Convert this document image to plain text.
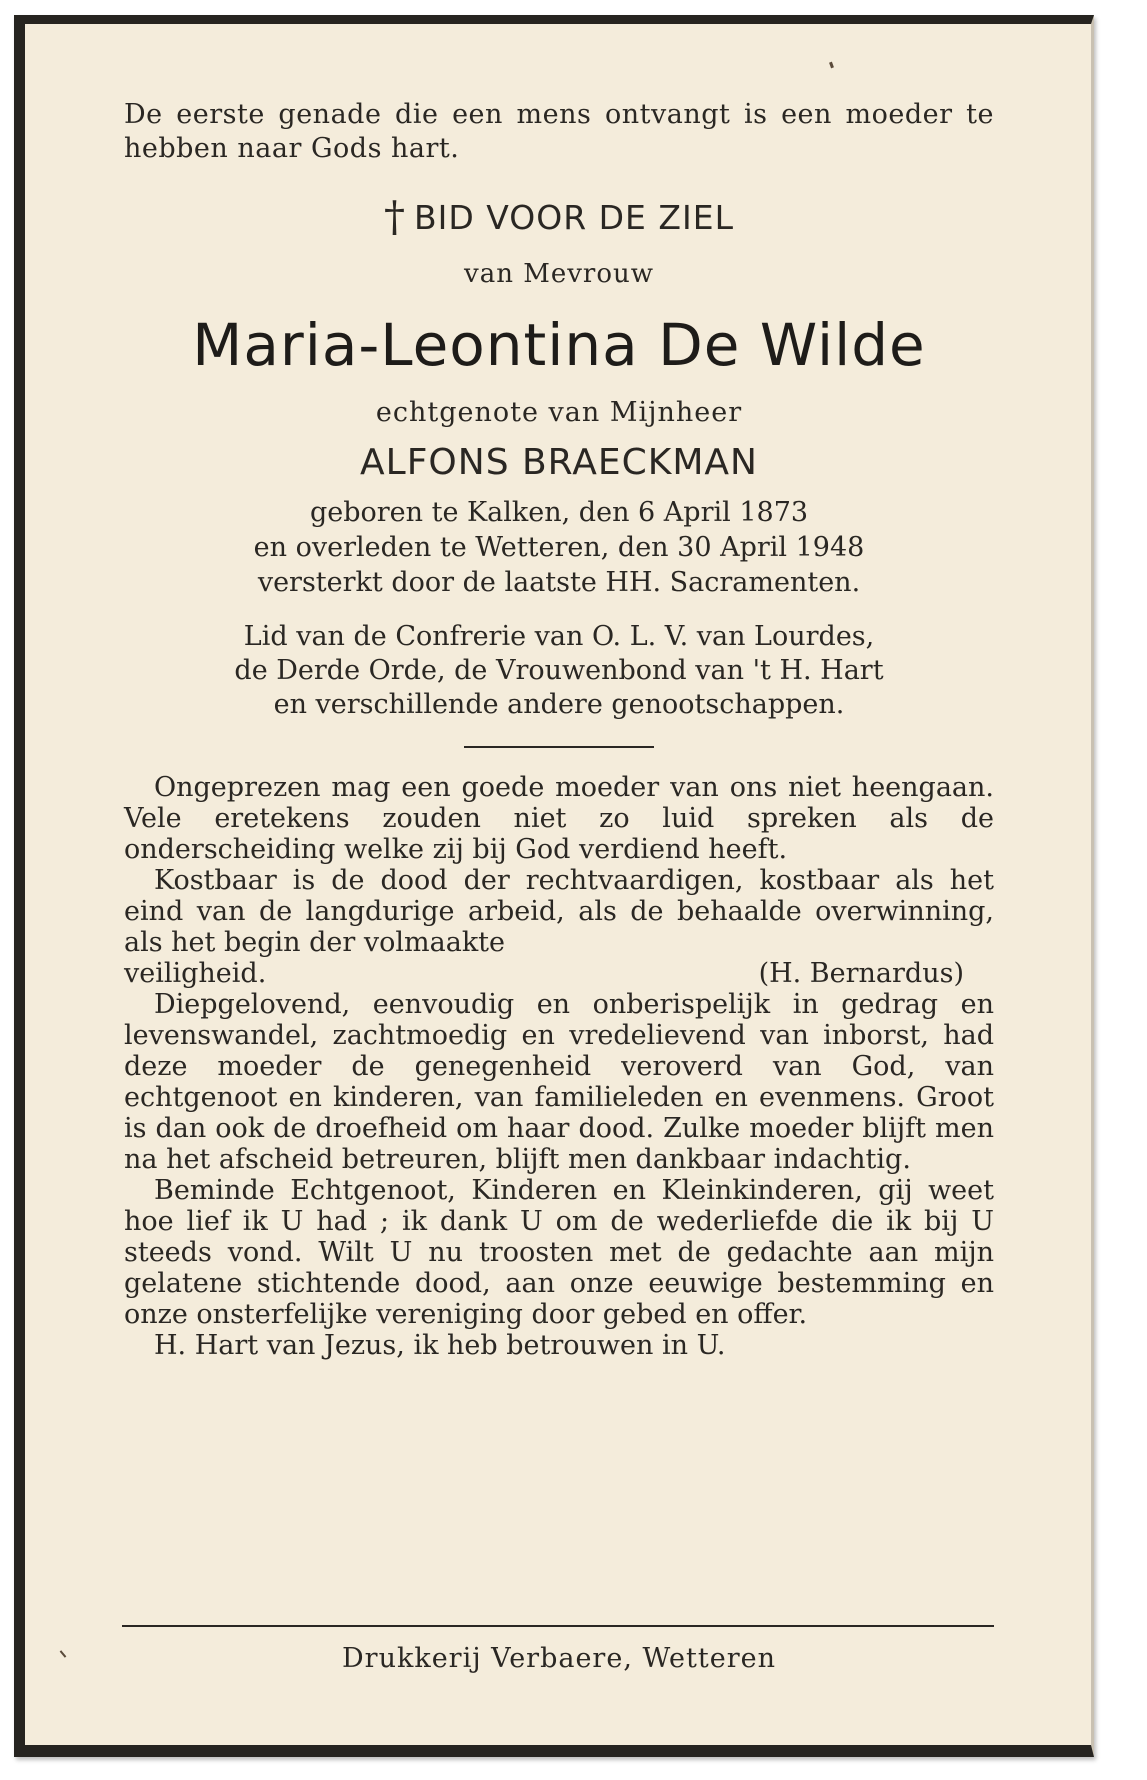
De eerste genade die een mens ontvangt is een moeder te hebben naar Gods hart.

† BID VOOR DE ZIEL

van Mevrouw

Maria-Leontina De Wilde

echtgenote van Mijnheer

ALFONS BRAECKMAN

geboren te Kalken, den 6 April 1873
en overleden te Wetteren, den 30 April 1948
versterkt door de laatste HH. Sacramenten.
Lid van de Confrerie van O. L. V. van Lourdes,
de Derde Orde, de Vrouwenbond van 't H. Hart
en verschillende andere genootschappen.

Ongeprezen mag een goede moeder van ons niet heengaan. Vele eretekens zouden niet zo luid spreken als de onderscheiding welke zij bij God verdiend heeft.

Kostbaar is de dood der rechtvaardigen, kostbaar als het eind van de langdurige arbeid, als de behaalde overwinning, als het begin der volmaakte

veiligheid.	(H. Bernardus)

Diepgelovend, eenvoudig en onberispelijk in gedrag en levenswandel, zachtmoedig en vredelievend van inborst, had deze moeder de genegenheid veroverd van God, van echtgenoot en kinderen, van familieleden en evenmens. Groot is dan ook de droefheid om haar dood. Zulke moeder blijft men na het afscheid betreuren, blijft men dankbaar indachtig.

Beminde Echtgenoot, Kinderen en Kleinkinderen, gij weet hoe lief ik U had ; ik dank U om de wederliefde die ik bij U steeds vond. Wilt U nu troosten met de gedachte aan mijn gelatene stichtende dood, aan onze eeuwige bestemming en onze onsterfelijke vereniging door gebed en offer.

H. Hart van Jezus, ik heb betrouwen in U.

Drukkerij Verbaere, Wetteren
